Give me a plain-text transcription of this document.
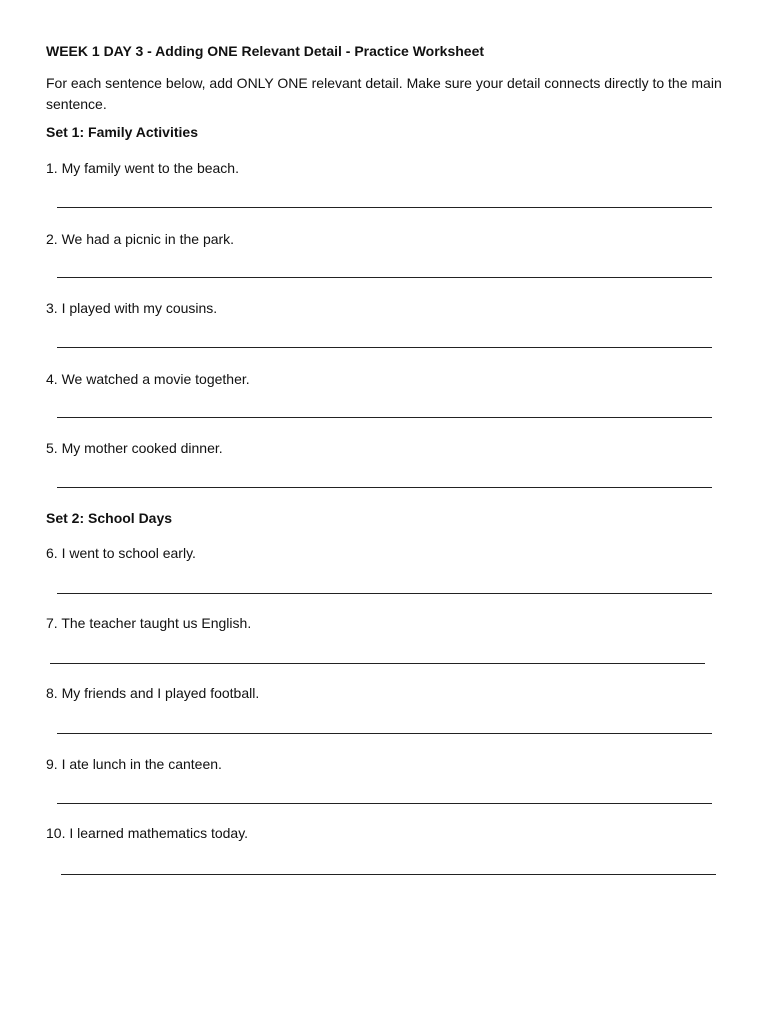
WEEK 1 DAY 3 - Adding ONE Relevant Detail - Practice Worksheet
For each sentence below, add ONLY ONE relevant detail. Make sure your detail connects directly to the main sentence.
Set 1: Family Activities
1. My family went to the beach.
2. We had a picnic in the park.
3. I played with my cousins.
4. We watched a movie together.
5. My mother cooked dinner.
Set 2: School Days
6. I went to school early.
7. The teacher taught us English.
8. My friends and I played football.
9. I ate lunch in the canteen.
10. I learned mathematics today.
